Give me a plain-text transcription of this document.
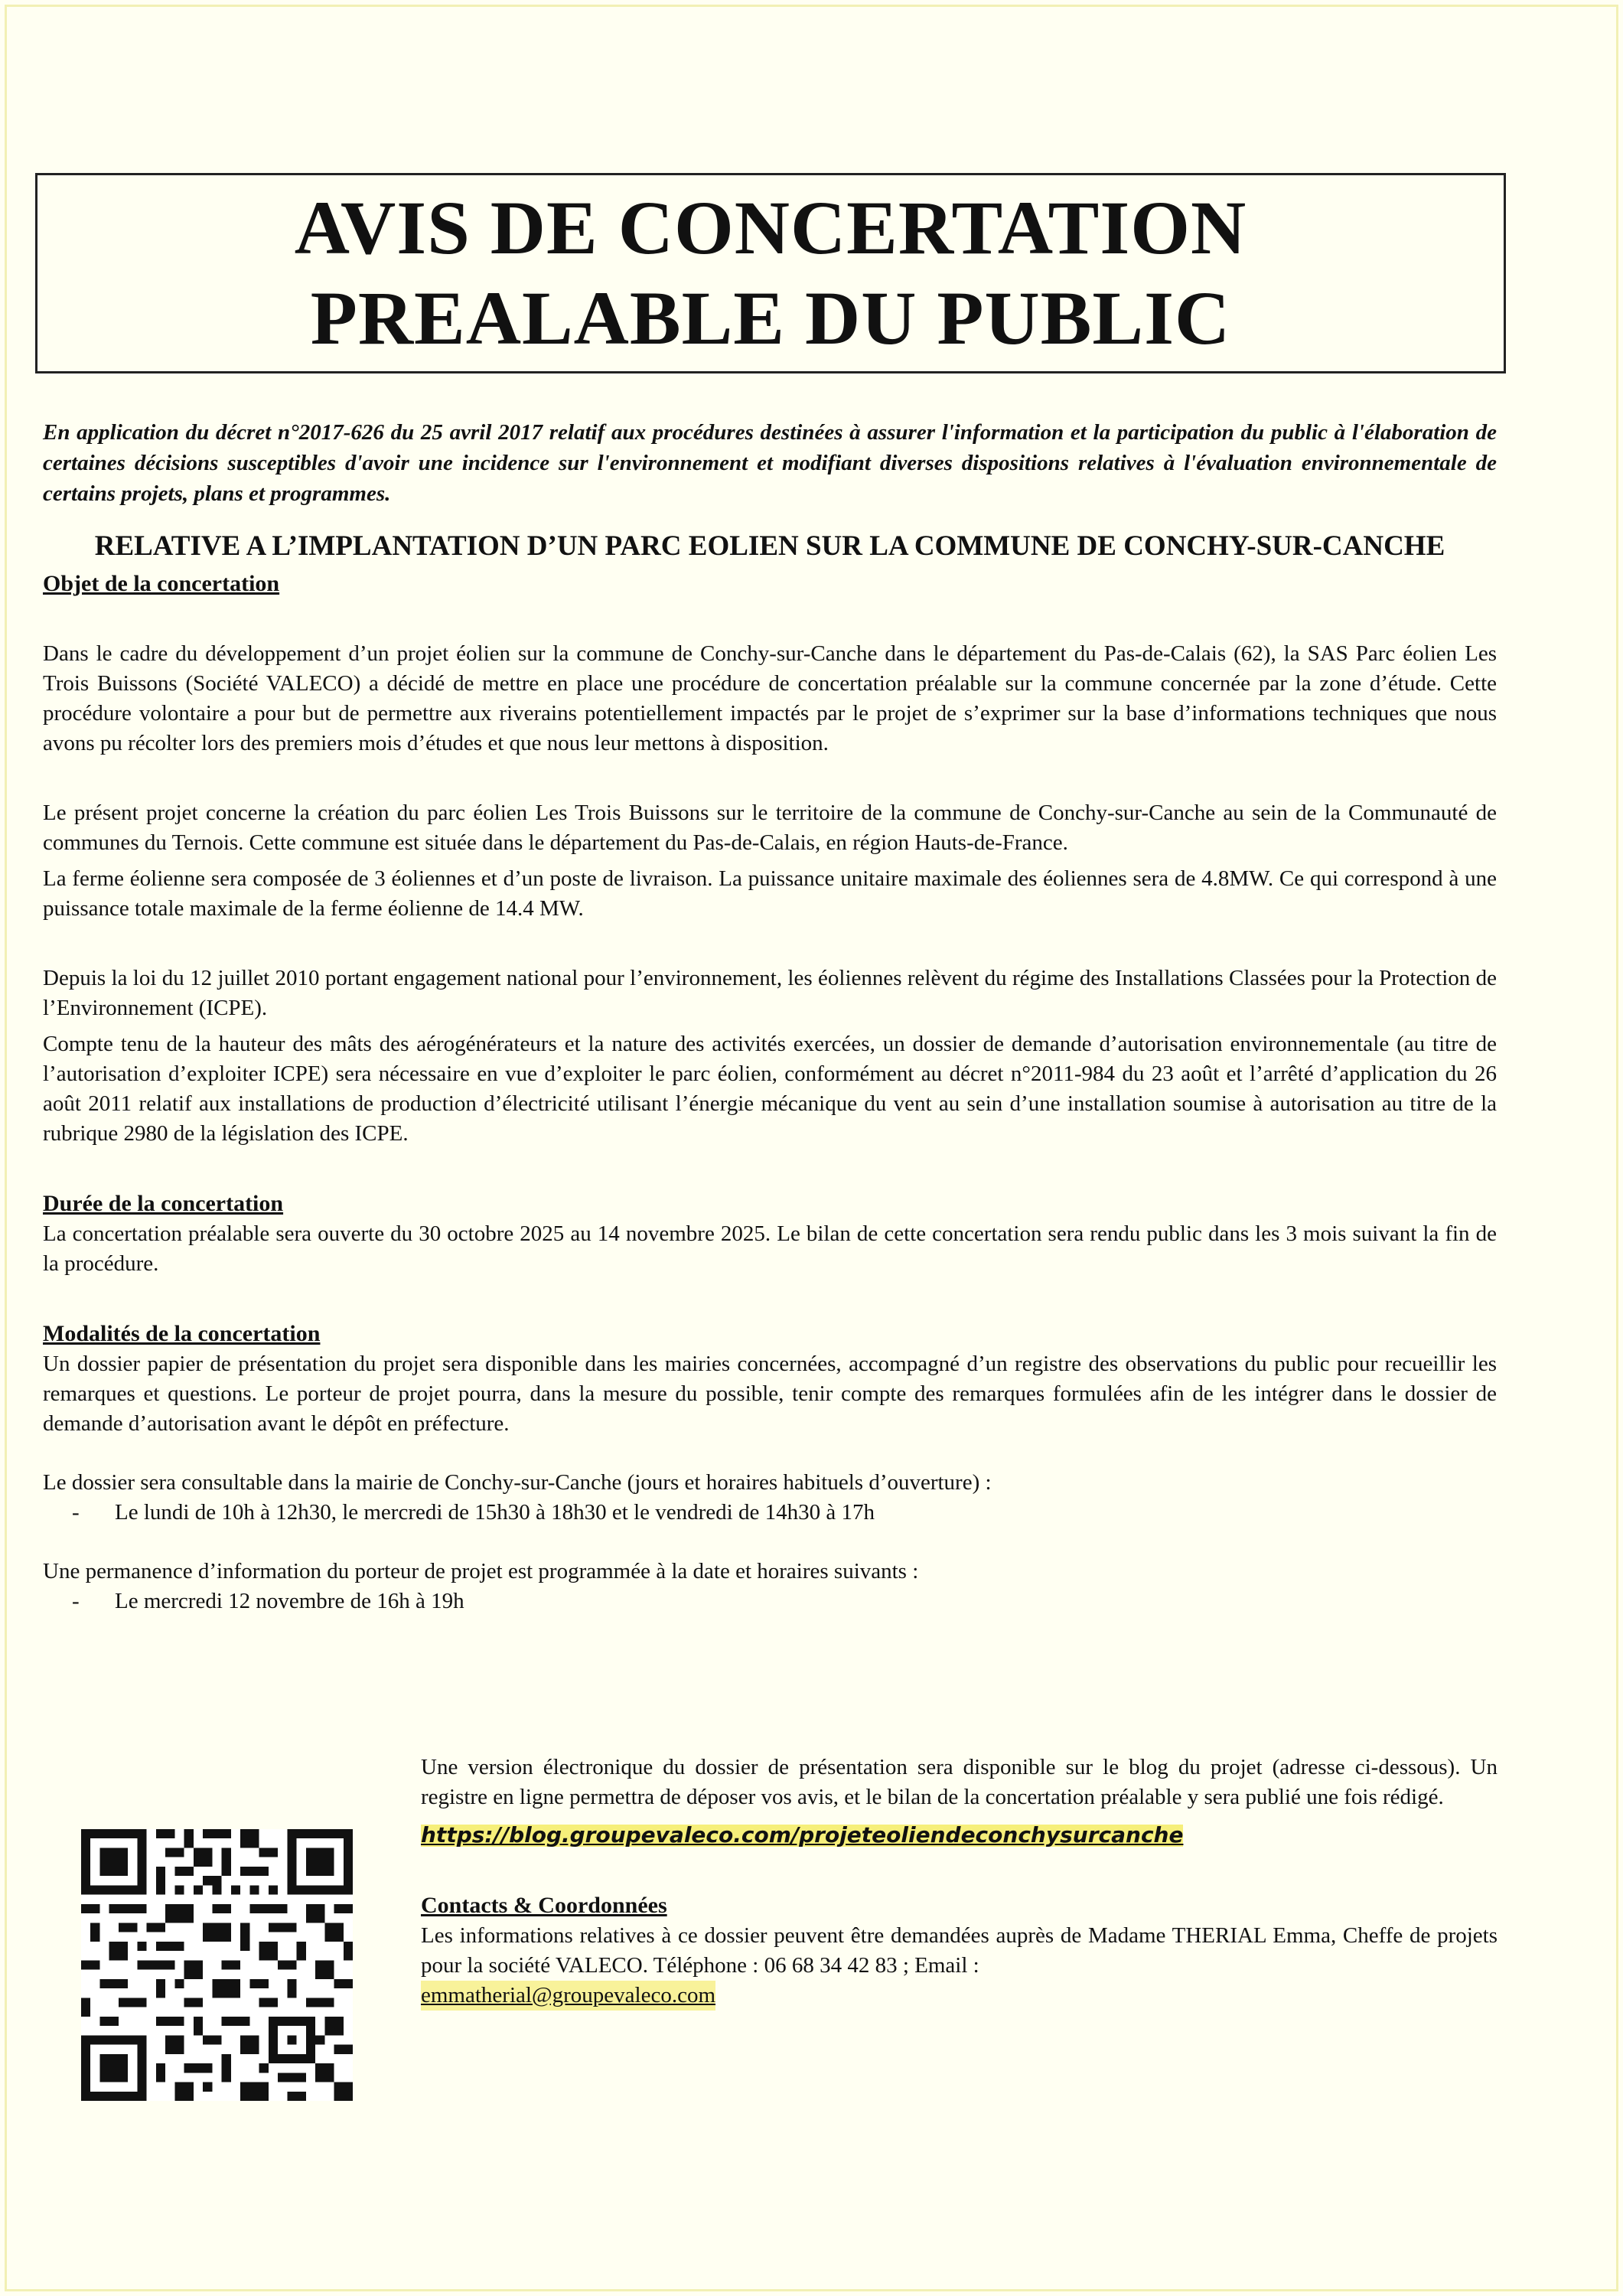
AVIS DE CONCERTATION
PREALABLE DU PUBLIC

En application du décret n°2017-626 du 25 avril 2017 relatif aux procédures destinées à assurer l'information et la participation du public à l'élaboration de certaines décisions susceptibles d'avoir une incidence sur l'environnement et modifiant diverses dispositions relatives à l'évaluation environnementale de certains projets, plans et programmes.

RELATIVE A L’IMPLANTATION D’UN PARC EOLIEN SUR LA COMMUNE DE CONCHY-SUR-CANCHE
Objet de la concertation

Dans le cadre du développement d’un projet éolien sur la commune de Conchy-sur-Canche dans le département du Pas-de-Calais (62), la SAS Parc éolien Les Trois Buissons (Société VALECO) a décidé de mettre en place une procédure de concertation préalable sur la commune concernée par la zone d’étude. Cette procédure volontaire a pour but de permettre aux riverains potentiellement impactés par le projet de s’exprimer sur la base d’informations techniques que nous avons pu récolter lors des premiers mois d’études et que nous leur mettons à disposition.

Le présent projet concerne la création du parc éolien Les Trois Buissons sur le territoire de la commune de Conchy-sur-Canche au sein de la Communauté de communes du Ternois. Cette commune est située dans le département du Pas-de-Calais, en région Hauts-de-France.

La ferme éolienne sera composée de 3 éoliennes et d’un poste de livraison. La puissance unitaire maximale des éoliennes sera de 4.8MW. Ce qui correspond à une puissance totale maximale de la ferme éolienne de 14.4 MW.

Depuis la loi du 12 juillet 2010 portant engagement national pour l’environnement, les éoliennes relèvent du régime des Installations Classées pour la Protection de l’Environnement (ICPE).

Compte tenu de la hauteur des mâts des aérogénérateurs et la nature des activités exercées, un dossier de demande d’autorisation environnementale (au titre de l’autorisation d’exploiter ICPE) sera nécessaire en vue d’exploiter le parc éolien, conformément au décret n°2011-984 du 23 août et l’arrêté d’application du 26 août 2011 relatif aux installations de production d’électricité utilisant l’énergie mécanique du vent au sein d’une installation soumise à autorisation au titre de la rubrique 2980 de la législation des ICPE.

Durée de la concertation

La concertation préalable sera ouverte du 30 octobre 2025 au 14 novembre 2025. Le bilan de cette concertation sera rendu public dans les 3 mois suivant la fin de la procédure.

Modalités de la concertation

Un dossier papier de présentation du projet sera disponible dans les mairies concernées, accompagné d’un registre des observations du public pour recueillir les remarques et questions. Le porteur de projet pourra, dans la mesure du possible, tenir compte des remarques formulées afin de les intégrer dans le dossier de demande d’autorisation avant le dépôt en préfecture.

Le dossier sera consultable dans la mairie de Conchy-sur-Canche (jours et horaires habituels d’ouverture) :

-	Le lundi de 10h à 12h30, le mercredi de 15h30 à 18h30 et le vendredi de 14h30 à 17h

Une permanence d’information du porteur de projet est programmée à la date et horaires suivants :

-	Le mercredi 12 novembre de 16h à 19h

Une version électronique du dossier de présentation sera disponible sur le blog du projet (adresse ci-dessous). Un registre en ligne permettra de déposer vos avis, et le bilan de la concertation préalable y sera publié une fois rédigé.

https://blog.groupevaleco.com/projeteoliendeconchysurcanche
Contacts & Coordonnées

Les informations relatives à ce dossier peuvent être demandées auprès de Madame THERIAL Emma, Cheffe de projets pour la société VALECO. Téléphone : 06 68 34 42 83 ; Email :

emmatherial@groupevaleco.com
